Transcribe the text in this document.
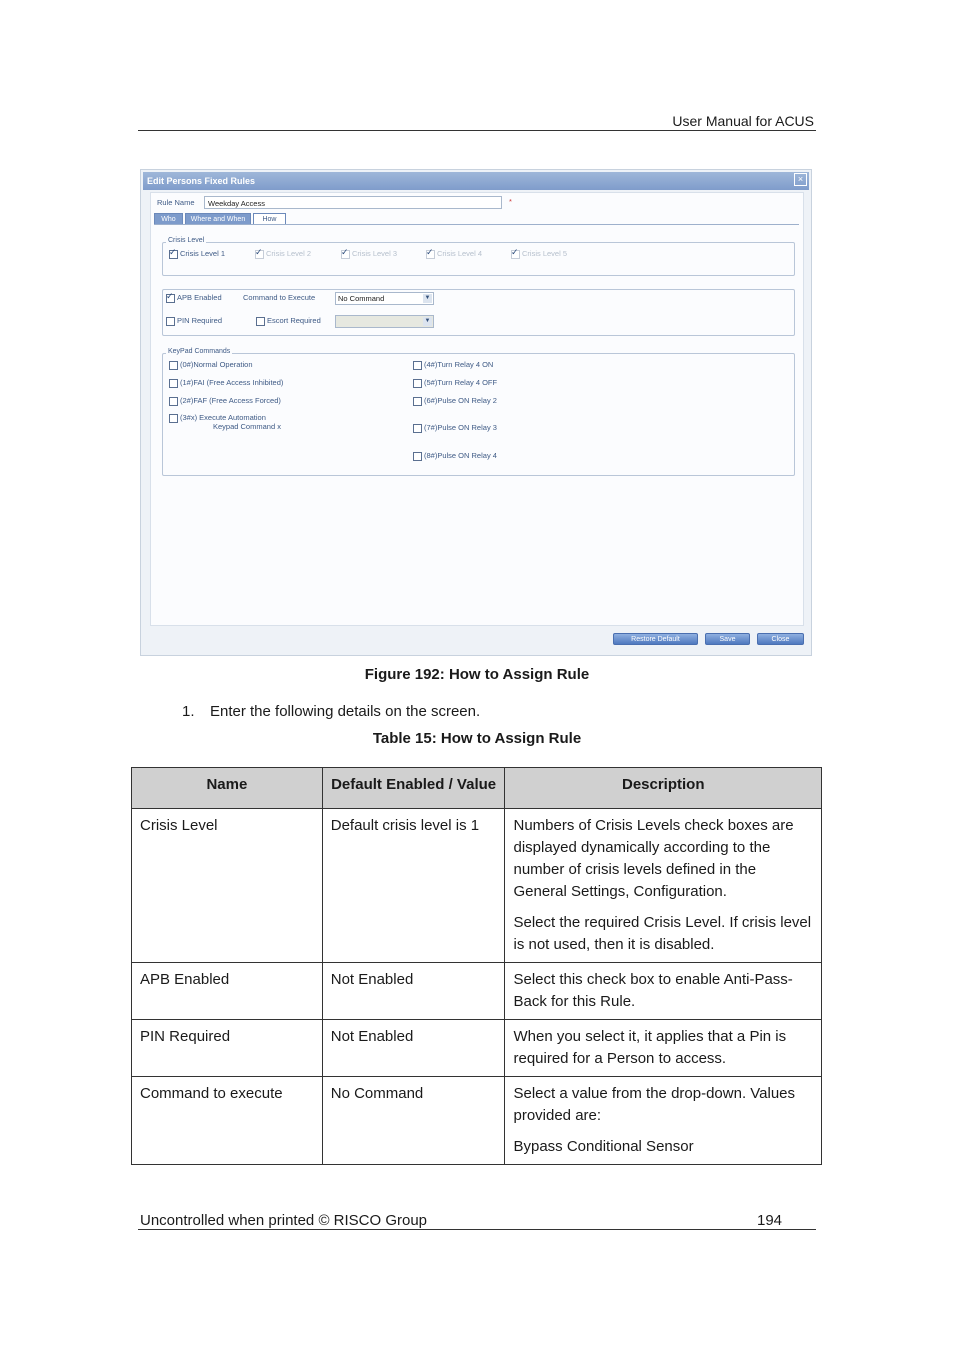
User Manual for ACUS
Edit Persons Fixed Rules	×
Rule Name	Weekday Access	*
Who	Where and When	How
Crisis Level
✓Crisis Level 1 ✓	Crisis Level 2 ✓	Crisis Level 3 ✓	Crisis Level 4 ✓	Crisis Level 5
✓APB Enabled	Command to Execute	No Command	▼
PIN Required	Escort Required	▼
KeyPad Commands
(0#)Normal Operation
(1#)FAI (Free Access Inhibited)
(2#)FAF (Free Access Forced)
(3#x) Execute Automation
Keypad Command x
(4#)Turn Relay 4 ON
(5#)Turn Relay 4 OFF
(6#)Pulse ON Relay 2
(7#)Pulse ON Relay 3
(8#)Pulse ON Relay 4
Restore Default	Save	Close
Figure 192: How to Assign Rule
1. Enter the following details on the screen.
Table 15: How to Assign Rule
Name	Default Enabled / Value	Description
Crisis Level	Default crisis level is 1	Numbers of Crisis Levels check boxes are displayed dynamically according to the number of crisis levels defined in the General Settings, Configuration.

Select the required Crisis Level. If crisis level is not used, then it is disabled.

APB Enabled	Not Enabled	Select this check box to enable Anti-Pass-Back for this Rule.

PIN Required	Not Enabled	When you select it, it applies that a Pin is required for a Person to access.

Command to execute	No Command	Select a value from the drop-down. Values provided are:

Bypass Conditional Sensor

Uncontrolled when printed © RISCO Group	194
